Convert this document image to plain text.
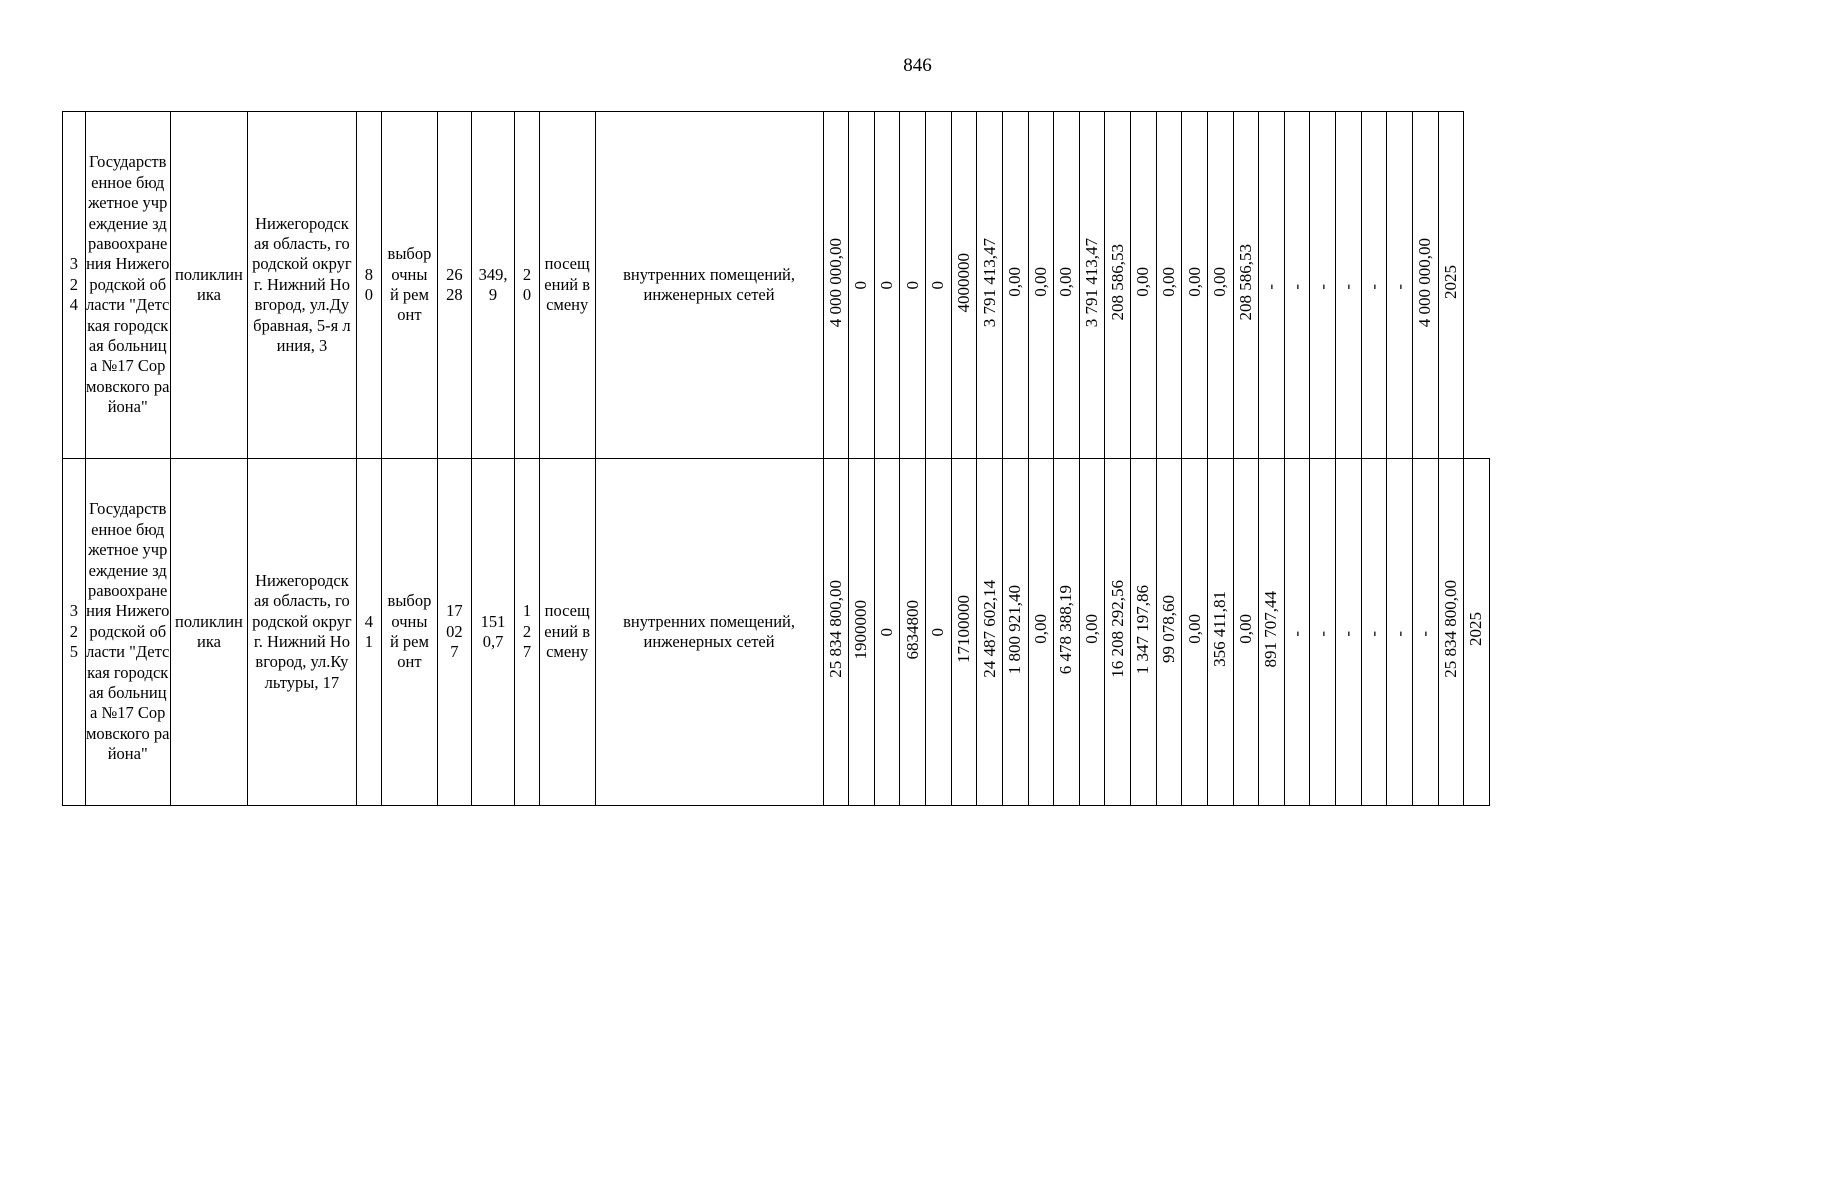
846
324	Государственное бюджетное учреждение здравоохранения Нижегородской области "Детская городская больница №17 Сормовского района"	поликлиника	Нижегородская область, городской округ г. Нижний Новгород, ул.Дубравная, 5-я линия, 3	80	выборочный ремонт	2628	349,9	20	посещений в смену	внутренних помещений, инженерных сетей	4 000 000,00	0	0	0	0	4000000	3 791 413,47	0,00	0,00	0,00	3 791 413,47	208 586,53	0,00	0,00	0,00	0,00	208 586,53	-	-	-	-	-	-	4 000 000,00	2025	

325	Государственное бюджетное учреждение здравоохранения Нижегородской области "Детская городская больница №17 Сормовского района"	поликлиника	Нижегородская область, городской округ г. Нижний Новгород, ул.Культуры, 17	41	выборочный ремонт	17027	1510,7	127	посещений в смену	внутренних помещений, инженерных сетей	25 834 800,00	1900000	0	6834800	0	17100000	24 487 602,14	1 800 921,40	0,00	6 478 388,19	0,00	16 208 292,56	1 347 197,86	99 078,60	0,00	356 411,81	0,00	891 707,44	-	-	-	-	-	-	25 834 800,00	2025
